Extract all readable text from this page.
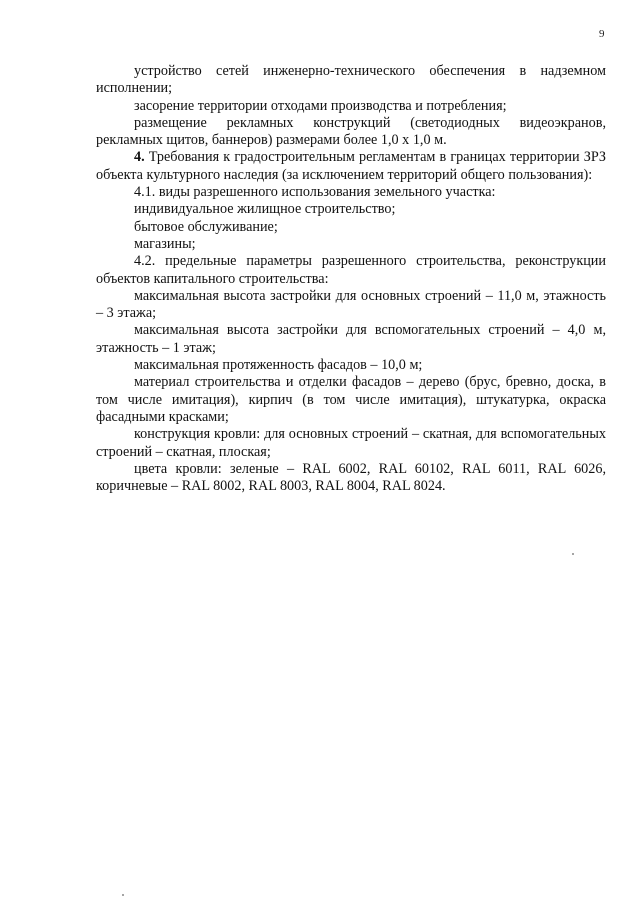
9

устройство сетей инженерно-технического обеспечения в надземном исполнении;

засорение территории отходами производства и потребления;

размещение рекламных конструкций (светодиодных видеоэкранов, рекламных щитов, баннеров) размерами более 1,0 х 1,0 м.

4. Требования к градостроительным регламентам в границах территории ЗРЗ объекта культурного наследия (за исключением территорий общего пользования):

4.1. виды разрешенного использования земельного участка:

индивидуальное жилищное строительство;

бытовое обслуживание;

магазины;

4.2. предельные параметры разрешенного строительства, реконструкции объектов капитального строительства:

максимальная высота застройки для основных строений – 11,0 м, этажность – 3 этажа;

максимальная высота застройки для вспомогательных строений – 4,0 м, этажность – 1 этаж;

максимальная протяженность фасадов – 10,0 м;

материал строительства и отделки фасадов – дерево (брус, бревно, доска, в том числе имитация), кирпич (в том числе имитация), штукатурка, окраска фасадными красками;

конструкция кровли: для основных строений – скатная, для вспомогательных строений – скатная, плоская;

цвета кровли: зеленые – RAL 6002, RAL 60102, RAL 6011, RAL 6026, коричневые – RAL 8002, RAL 8003, RAL 8004, RAL 8024.
